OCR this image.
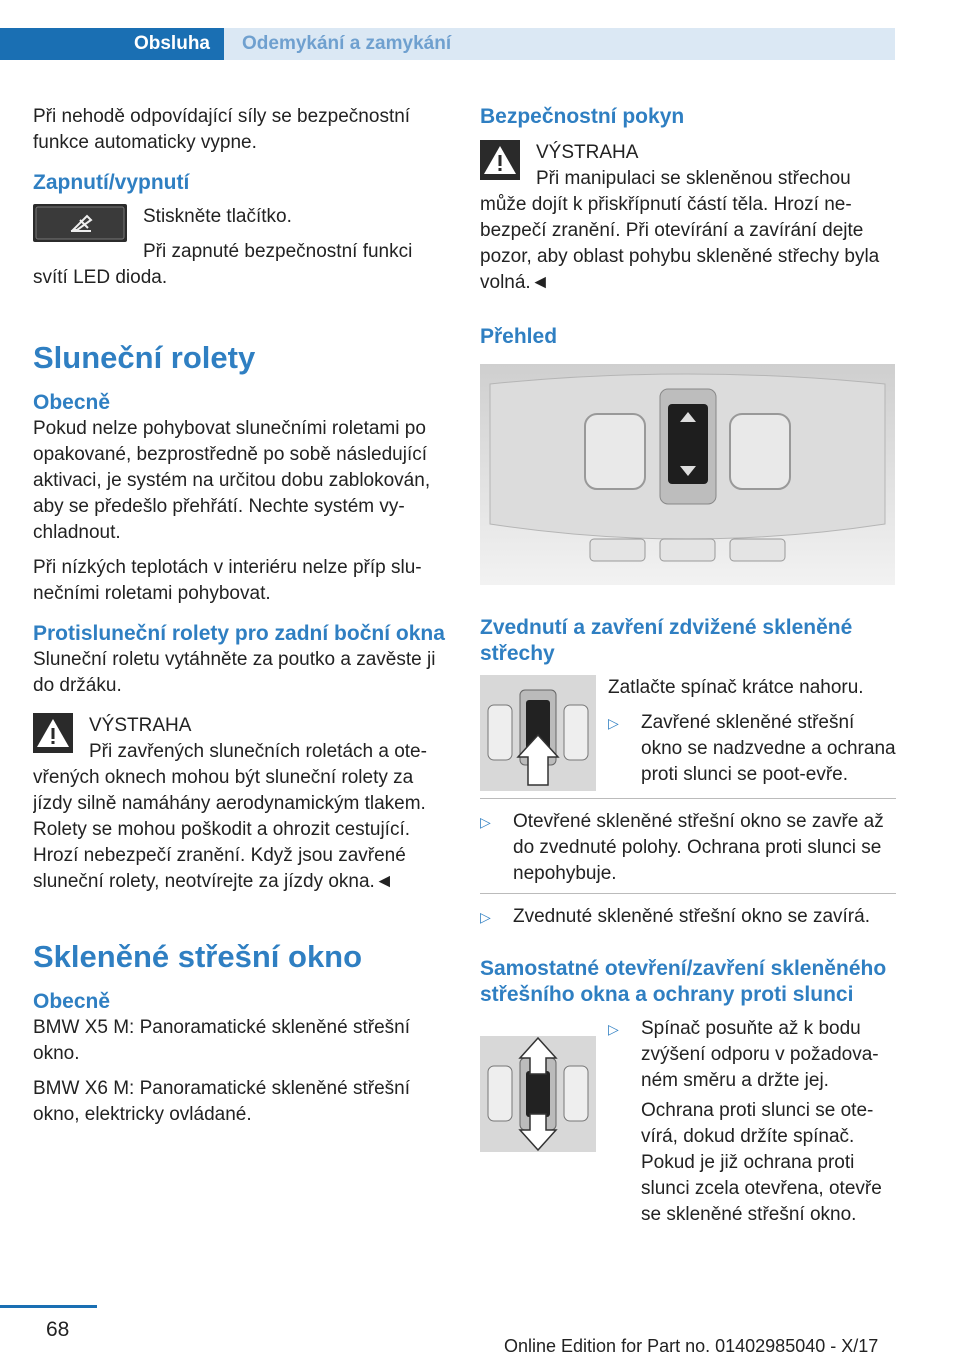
Obsluha	Odemykání a zamykání

Při nehodě odpovídající síly se bezpečnostní funkce automaticky vypne.

Zapnutí/vypnutí

Stiskněte tlačítko.

Při zapnuté bezpečnostní funkci svítí LED dioda.

Sluneční rolety
Obecně

Pokud nelze pohybovat slunečními roletami po opakované, bezprostředně po sobě následující aktivaci, je systém na určitou dobu zablokován, aby se předešlo přehřátí. Nechte systém vy‐chladnout.

Při nízkých teplotách v interiéru nelze příp slu‐nečními roletami pohybovat.

Protisluneční rolety pro zadní boční okna

Sluneční roletu vytáhněte za poutko a zavěste ji do držáku.

VÝSTRAHA
Při zavřených slunečních roletách a ote‐vřených oknech mohou být sluneční rolety za jízdy silně namáhány aerodynamickým tlakem. Rolety se mohou poškodit a ohrozit cestující. Hrozí nebezpečí zranění. Když jsou zavřené sluneční rolety, neotvírejte za jízdy okna.◄
Skleněné střešní okno
Obecně

BMW X5 M: Panoramatické skleněné střešní okno.

BMW X6 M: Panoramatické skleněné střešní okno, elektricky ovládané.

Bezpečnostní pokyn
VÝSTRAHA
Při manipulaci se skleněnou střechou může dojít k přiskřípnutí částí těla. Hrozí ne‐bezpečí zranění. Při otevírání a zavírání dejte pozor, aby oblast pohybu skleněné střechy byla volná.◄
Přehled
Zvednutí a zavření zdvižené skleněné střechy

Zatlačte spínač krátce nahoru.

▷ Zavřené skleněné střešní okno se nadzvedne a ochrana proti slunci se poot‐evře.
▷ Otevřené skleněné střešní okno se zavře až do zvednuté polohy. Ochrana proti slunci se nepohybuje.
▷ Zvednuté skleněné střešní okno se zavírá.
Samostatné otevření/zavření skleněného střešního okna a ochrany proti slunci
▷ Spínač posuňte až k bodu zvýšení odporu v požadova‐ném směru a držte jej.

Ochrana proti slunci se ote‐vírá, dokud držíte spínač. Pokud je již ochrana proti slunci zcela otevřena, otevře se skleněné střešní okno.

68
Online Edition for Part no. 01402985040 - X/17
